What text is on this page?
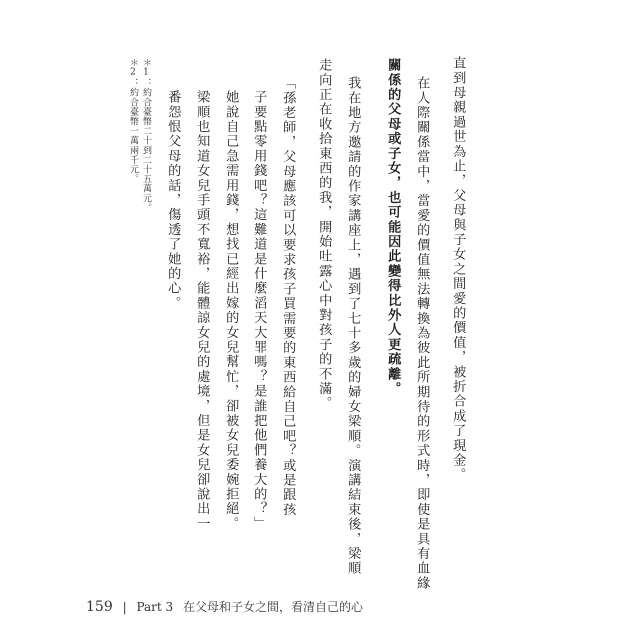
直到母親過世為止，父母與子女之間愛的價值，被折合成了現金。
在人際關係當中，當愛的價值無法轉換為彼此所期待的形式時，即使是具有血緣
關係的父母或子女，也可能因此變得比外人更疏離。
我在地方邀請的作家講座上，遇到了七十多歲的婦女梁順。演講結束後，梁順
走向正在收拾東西的我，開始吐露心中對孩子的不滿。
「孫老師，父母應該可以要求孩子買需要的東西給自己吧？或是跟孩
子要點零用錢吧？這難道是什麼滔天大罪嗎？是誰把他們養大的？」
她說自己急需用錢，想找已經出嫁的女兒幫忙，卻被女兒委婉拒絕。
梁順也知道女兒手頭不寬裕，能體諒女兒的處境，但是女兒卻說出一
番怨恨父母的話，傷透了她的心。
＊1：約合臺幣二十到二十五萬元。
＊2：約合臺幣一萬兩千元。
159 | Part 3 在父母和子女之間，看清自己的心
